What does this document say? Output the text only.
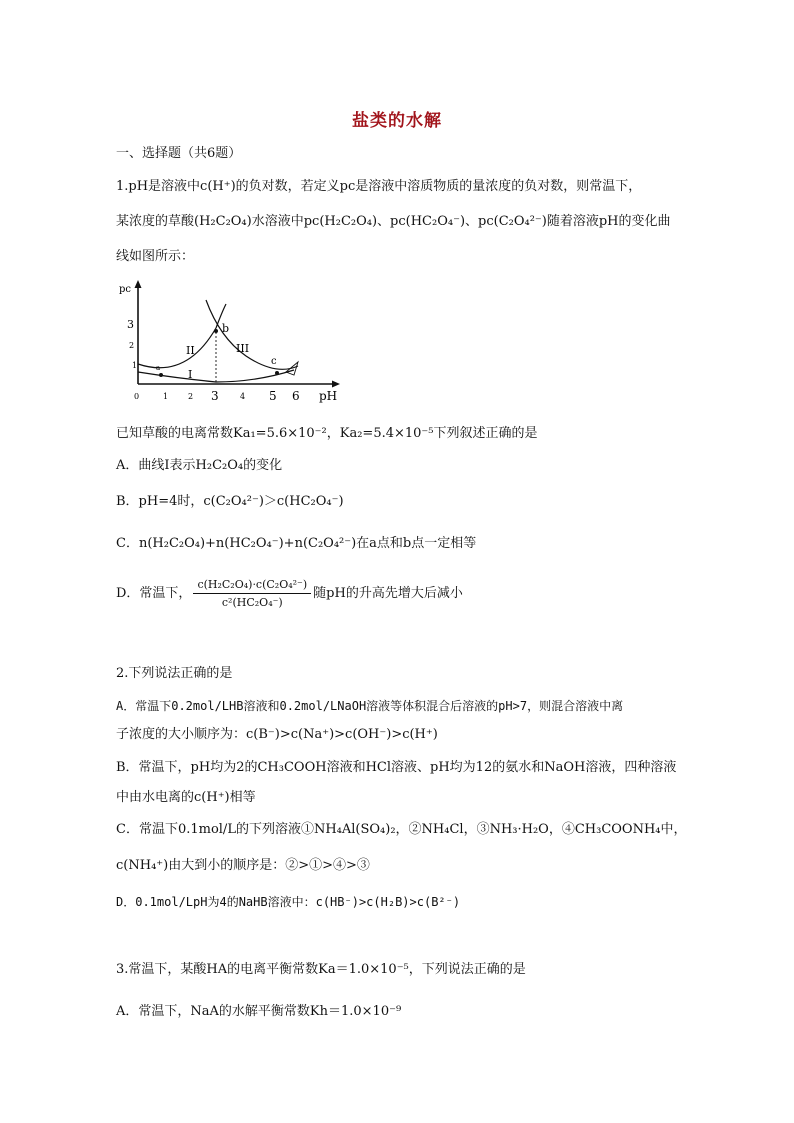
盐类的水解
一、选择题（共6题）
1.pH是溶液中c(H⁺)的负对数，若定义pc是溶液中溶质物质的量浓度的负对数，则常温下，
某浓度的草酸(H₂C₂O₄)水溶液中pc(H₂C₂O₄)、pc(HC₂O₄⁻)、pc(C₂O₄²⁻)随着溶液pH的变化曲
线如图所示：
pc
pH
3
2
1
0	1 2 3	4 5 6
a
b
c
I
II	III
已知草酸的电离常数Ka₁=5.6×10⁻²，Ka₂=5.4×10⁻⁵下列叙述正确的是
A．曲线Ⅰ表示H₂C₂O₄的变化
B．pH=4时，c(C₂O₄²⁻)＞c(HC₂O₄⁻)
C．n(H₂C₂O₄)+n(HC₂O₄⁻)+n(C₂O₄²⁻)在a点和b点一定相等
D．常温下， $\frac{\text{c(H₂C₂O₄)·c(C₂O₄²⁻)}}{\text{c²(HC₂O₄⁻)}}$ 随pH的升高先增大后减小
2.下列说法正确的是
A．常温下0.2mol/LHB溶液和0.2mol/LNaOH溶液等体积混合后溶液的pH>7，则混合溶液中离
子浓度的大小顺序为：c(B⁻)>c(Na⁺)>c(OH⁻)>c(H⁺)
B．常温下，pH均为2的CH₃COOH溶液和HCl溶液、pH均为12的氨水和NaOH溶液，四种溶液
中由水电离的c(H⁺)相等
C．常温下0.1mol/L的下列溶液①NH₄Al(SO₄)₂，②NH₄Cl，③NH₃·H₂O，④CH₃COONH₄中，
c(NH₄⁺)由大到小的顺序是：②>①>④>③
D．0.1mol/LpH为4的NaHB溶液中：c(HB⁻)>c(H₂B)>c(B²⁻)
3.常温下，某酸HA的电离平衡常数Ka＝1.0×10⁻⁵，下列说法正确的是
A．常温下，NaA的水解平衡常数Kh＝1.0×10⁻⁹
